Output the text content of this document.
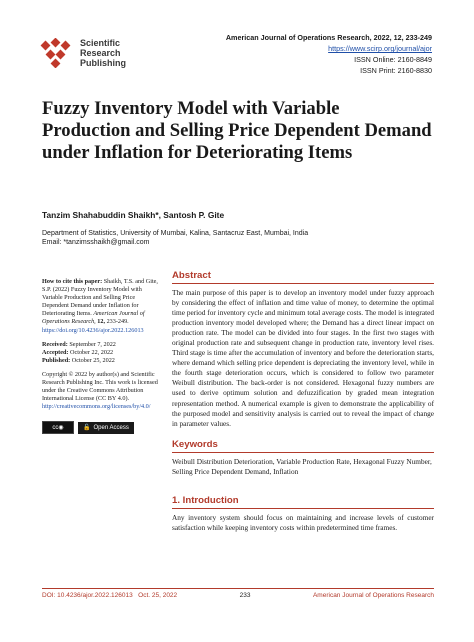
Scientific
Research
Publishing
American Journal of Operations Research, 2022, 12, 233-249
https://www.scirp.org/journal/ajor
ISSN Online: 2160-8849
ISSN Print: 2160-8830
Fuzzy Inventory Model with Variable Production and Selling Price Dependent Demand under Inflation for Deteriorating Items
Tanzim Shahabuddin Shaikh*, Santosh P. Gite
Department of Statistics, University of Mumbai, Kalina, Santacruz East, Mumbai, India
Email: *tanzimsshaikh@gmail.com

How to cite this paper: Shaikh, T.S. and Gite, S.P. (2022) Fuzzy Inventory Model with Variable Production and Selling Price Dependent Demand under Inflation for Deteriorating Items. American Journal of Operations Research, 12, 233-249. https://doi.org/10.4236/ajor.2022.126013

Received: September 7, 2022
Accepted: October 22, 2022
Published: October 25, 2022

Copyright © 2022 by author(s) and Scientific Research Publishing Inc. This work is licensed under the Creative Commons Attribution International License (CC BY 4.0).
http://creativecommons.org/licenses/by/4.0/

cc◉	🔓 Open Access
Abstract
The main purpose of this paper is to develop an inventory model under fuzzy approach by considering the effect of inflation and time value of money, to determine the optimal time period for inventory cycle and minimum total average costs. The model is integrated production inventory model developed where; the Demand has a direct linear impact on production rate. The model can be divided into four stages. In the first two stages with original production rate and subsequent change in production rate, inventory level rises. Third stage is time after the accumulation of inventory and before the deterioration starts, where demand which selling price dependent is depreciating the inventory level, while in the fourth stage deterioration occurs, which is considered to follow two parameter Weibull distribution. The back-order is not considered. Hexagonal fuzzy numbers are used to derive optimum solution and defuzzification by graded mean integration representation method. A numerical example is given to demonstrate the applicability of the purposed model and sensitivity analysis is carried out to reveal the impact of change in parameter values.
Keywords
Weibull Distribution Deterioration, Variable Production Rate, Hexagonal Fuzzy Number, Selling Price Dependent Demand, Inflation
1. Introduction
Any inventory system should focus on maintaining and increase levels of customer satisfaction while keeping inventory costs within predetermined time frames.
DOI: 10.4236/ajor.2022.126013 Oct. 25, 2022	233	American Journal of Operations Research
